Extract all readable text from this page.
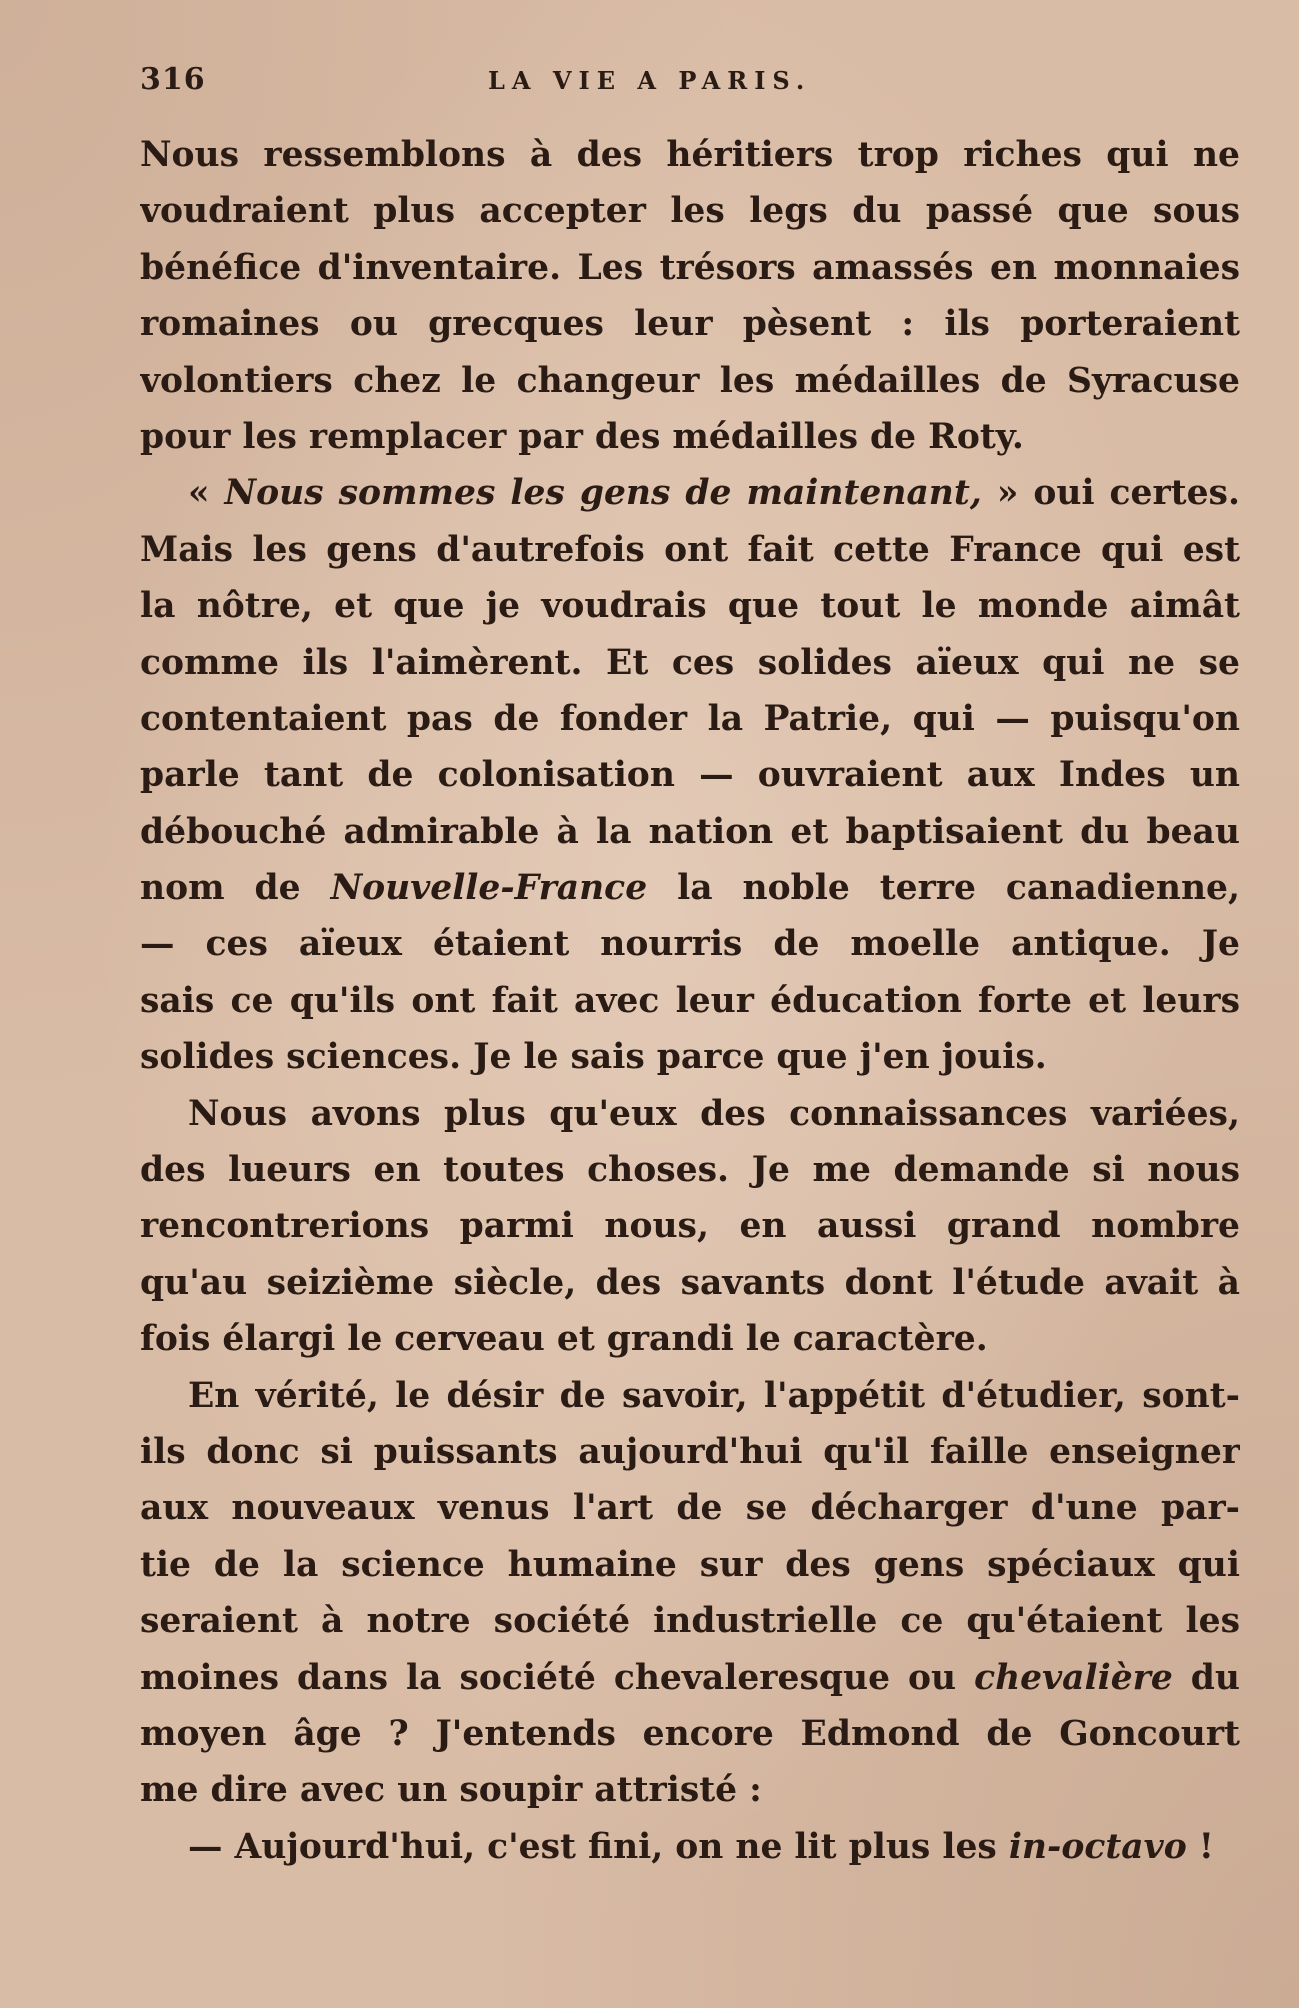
316	LA VIE A PARIS.
Nous ressemblons à des héritiers trop riches qui ne
voudraient plus accepter les legs du passé que sous
bénéfice d'inventaire. Les trésors amassés en monnaies
romaines ou grecques leur pèsent : ils porteraient
volontiers chez le changeur les médailles de Syracuse
pour les remplacer par des médailles de Roty.
« Nous sommes les gens de maintenant, » oui certes.
Mais les gens d'autrefois ont fait cette France qui est
la nôtre, et que je voudrais que tout le monde aimât
comme ils l'aimèrent. Et ces solides aïeux qui ne se
contentaient pas de fonder la Patrie, qui — puisqu'on
parle tant de colonisation — ouvraient aux Indes un
débouché admirable à la nation et baptisaient du beau
nom de Nouvelle-France la noble terre canadienne,
— ces aïeux étaient nourris de moelle antique. Je
sais ce qu'ils ont fait avec leur éducation forte et leurs
solides sciences. Je le sais parce que j'en jouis.
Nous avons plus qu'eux des connaissances variées,
des lueurs en toutes choses. Je me demande si nous
rencontrerions parmi nous, en aussi grand nombre
qu'au seizième siècle, des savants dont l'étude avait à
fois élargi le cerveau et grandi le caractère.
En vérité, le désir de savoir, l'appétit d'étudier, sont-
ils donc si puissants aujourd'hui qu'il faille enseigner
aux nouveaux venus l'art de se décharger d'une par-
tie de la science humaine sur des gens spéciaux qui
seraient à notre société industrielle ce qu'étaient les
moines dans la société chevaleresque ou chevalière du
moyen âge ? J'entends encore Edmond de Goncourt
me dire avec un soupir attristé :
— Aujourd'hui, c'est fini, on ne lit plus les in-octavo !
